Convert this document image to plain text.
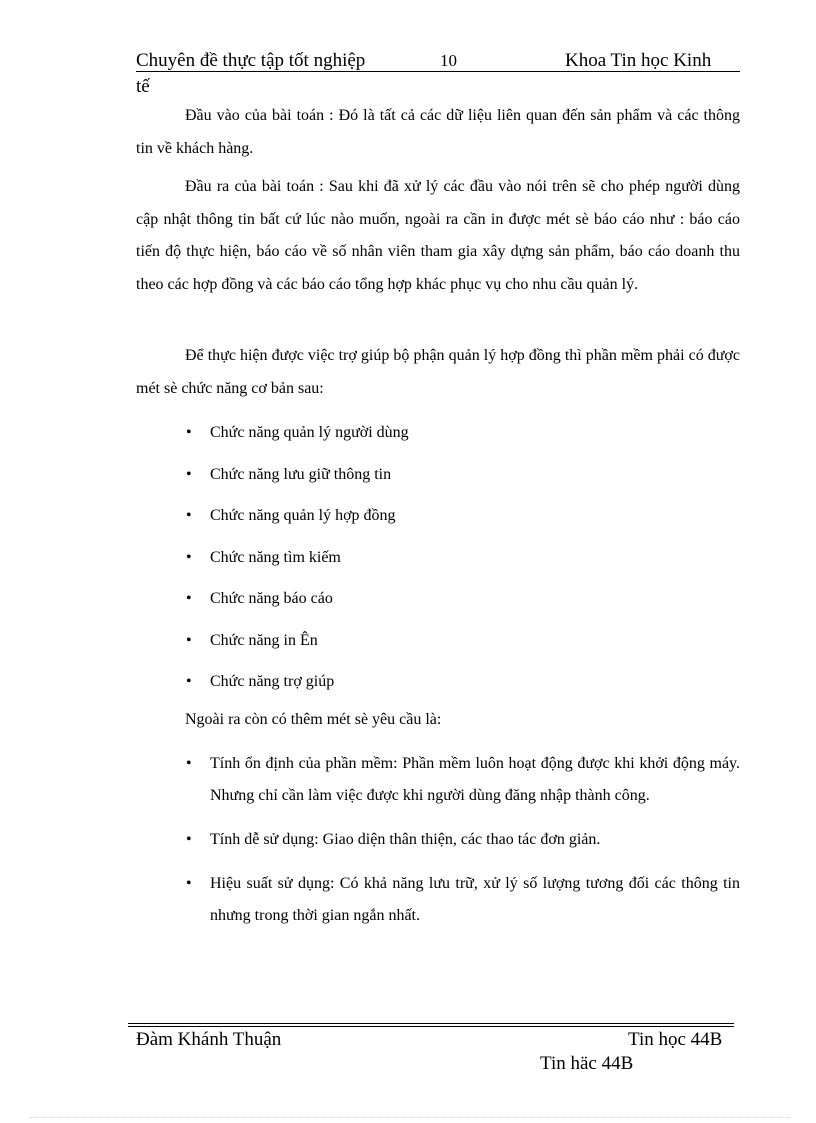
Chuyên đề thực tập tốt nghiệp	10	Khoa Tin học Kinh
tế
Đầu vào của bài toán : Đó là tất cả các dữ liệu liên quan đến sản phẩm và các thông tin về khách hàng.
Đầu ra của bài toán : Sau khi đã xử lý các đầu vào nói trên sẽ cho phép người dùng cập nhật thông tin bất cứ lúc nào muốn, ngoài ra cần in được mét sè báo cáo như : báo cáo tiến độ thực hiện, báo cáo về số nhân viên tham gia xây dựng sản phẩm, báo cáo doanh thu theo các hợp đồng và các báo cáo tổng hợp khác phục vụ cho nhu cầu quản lý.
Để thực hiện được việc trợ giúp bộ phận quản lý hợp đồng thì phần mềm phải có được mét sè chức năng cơ bản sau:
• Chức năng quản lý người dùng
• Chức năng lưu giữ thông tin
• Chức năng quản lý hợp đồng
• Chức năng tìm kiếm
• Chức năng báo cáo
• Chức năng in Ên
• Chức năng trợ giúp
Ngoài ra còn có thêm mét sè yêu cầu là:
• Tính ổn định của phần mềm: Phần mềm luôn hoạt động được khi khởi động máy. Nhưng chỉ cần làm việc được khi người dùng đăng nhập thành công.
• Tính dễ sử dụng: Giao diện thân thiện, các thao tác đơn giản.
• Hiệu suất sử dụng: Có khả năng lưu trữ, xử lý số lượng tương đối các thông tin nhưng trong thời gian ngắn nhất.
Đàm Khánh Thuận	Tin học 44B
Tin häc 44B
